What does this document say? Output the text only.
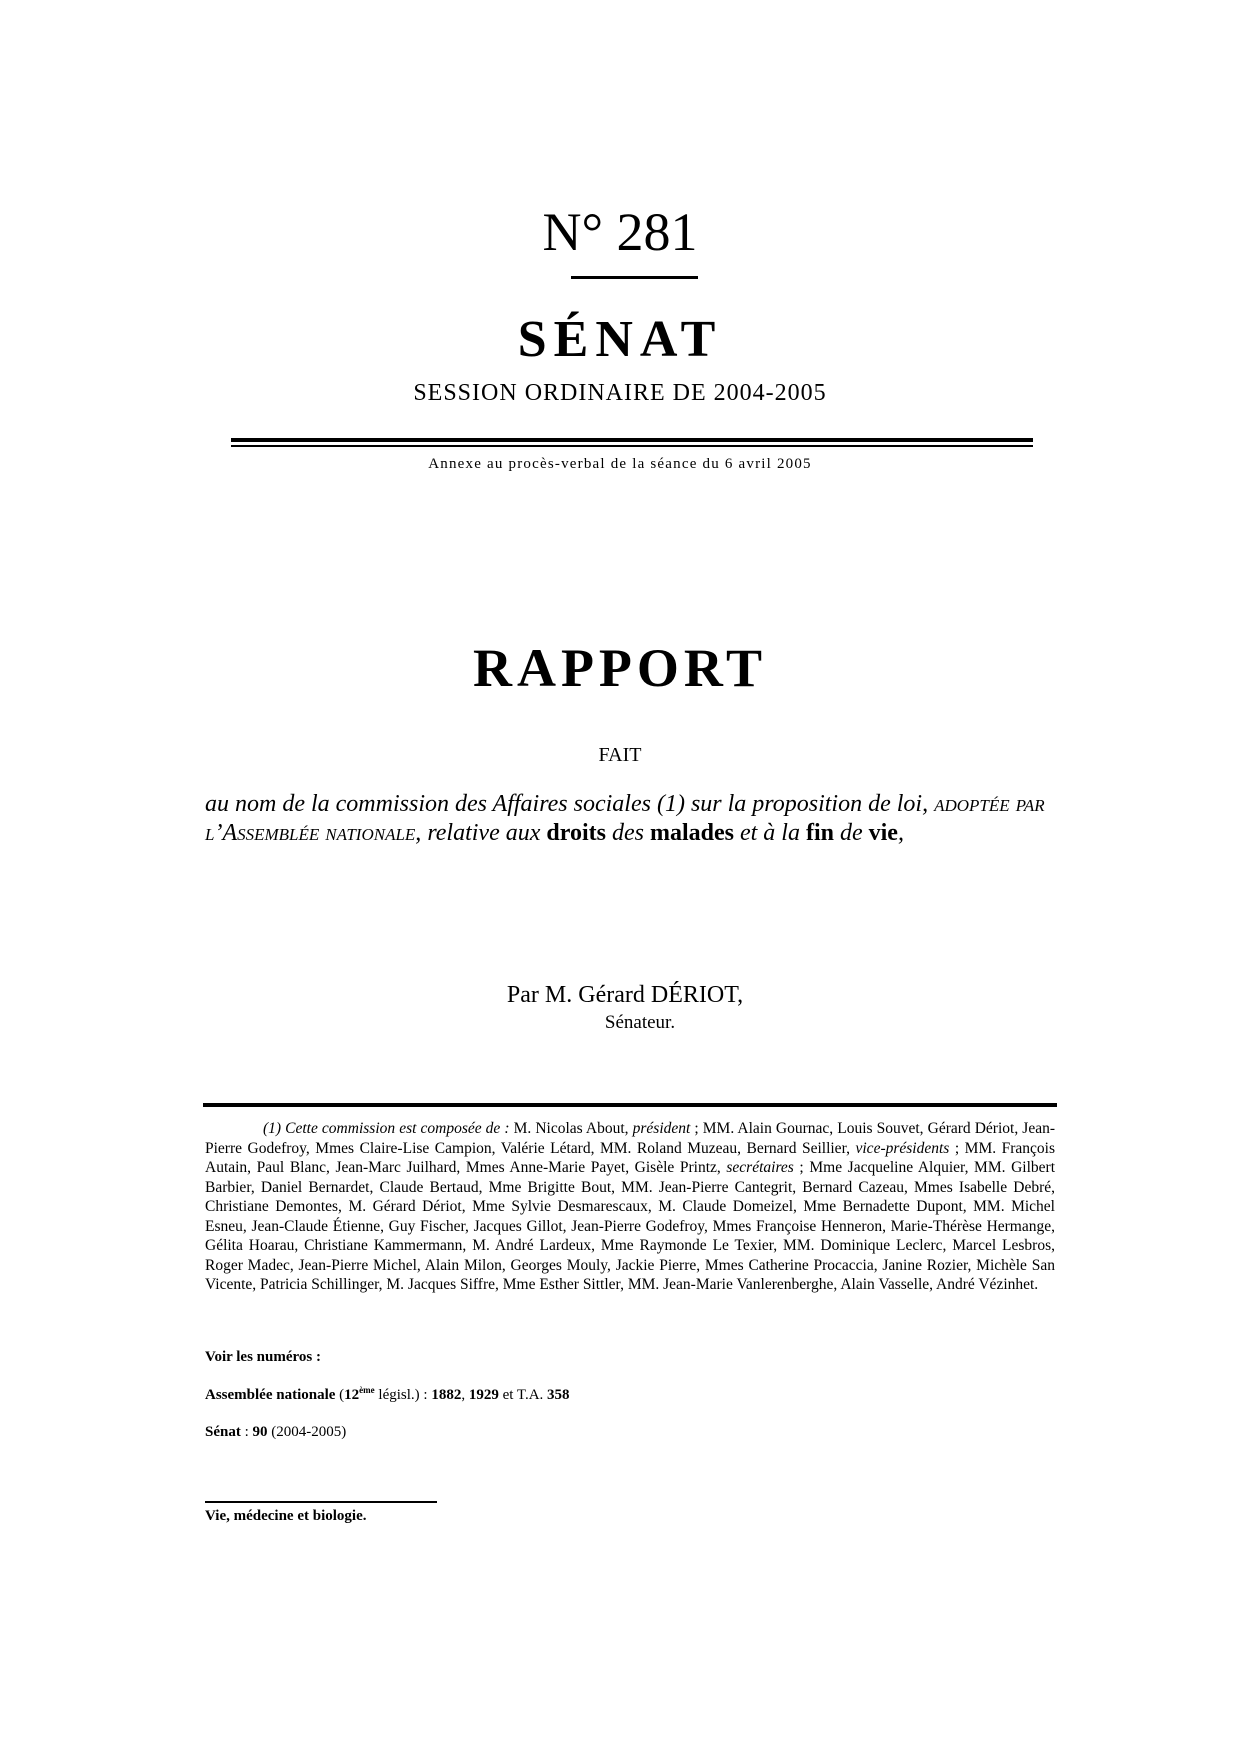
N° 281
SÉNAT
SESSION ORDINAIRE DE 2004-2005
Annexe au procès-verbal de la séance du 6 avril 2005
RAPPORT
FAIT
au nom de la commission des Affaires sociales (1) sur la proposition de loi, adoptée par l’Assemblée nationale, relative aux droits des malades et à la fin de vie,
Par M. Gérard DÉRIOT,
Sénateur.
(1) Cette commission est composée de : M. Nicolas About, président ; MM. Alain Gournac, Louis Souvet, Gérard Dériot, Jean-Pierre Godefroy, Mmes Claire-Lise Campion, Valérie Létard, MM. Roland Muzeau, Bernard Seillier, vice-présidents ; MM. François Autain, Paul Blanc, Jean-Marc Juilhard, Mmes Anne-Marie Payet, Gisèle Printz, secrétaires ; Mme Jacqueline Alquier, MM. Gilbert Barbier, Daniel Bernardet, Claude Bertaud, Mme Brigitte Bout, MM. Jean-Pierre Cantegrit, Bernard Cazeau, Mmes Isabelle Debré, Christiane Demontes, M. Gérard Dériot, Mme Sylvie Desmarescaux, M. Claude Domeizel, Mme Bernadette Dupont, MM. Michel Esneu, Jean-Claude Étienne, Guy Fischer, Jacques Gillot, Jean-Pierre Godefroy, Mmes Françoise Henneron, Marie-Thérèse Hermange, Gélita Hoarau, Christiane Kammermann, M. André Lardeux, Mme Raymonde Le Texier, MM. Dominique Leclerc, Marcel Lesbros, Roger Madec, Jean-Pierre Michel, Alain Milon, Georges Mouly, Jackie Pierre, Mmes Catherine Procaccia, Janine Rozier, Michèle San Vicente, Patricia Schillinger, M. Jacques Siffre, Mme Esther Sittler, MM. Jean-Marie Vanlerenberghe, Alain Vasselle, André Vézinhet.
Voir les numéros :
Assemblée nationale (12ème législ.) : 1882, 1929 et T.A. 358
Sénat : 90 (2004-2005)
Vie, médecine et biologie.
